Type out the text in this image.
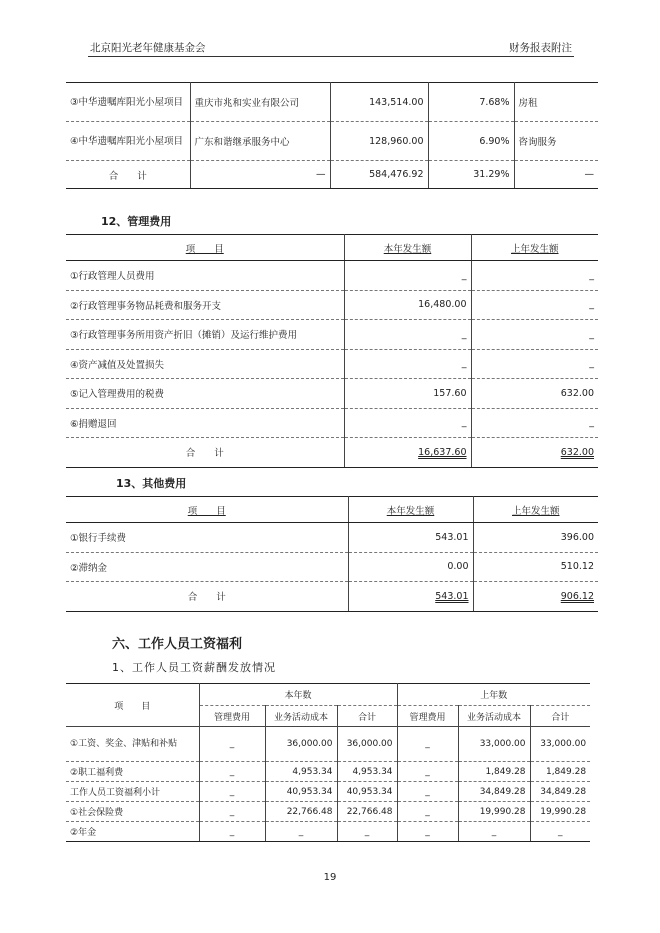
北京阳光老年健康基金会	财务报表附注
③中华遗嘱库阳光小屋项目	重庆市兆和实业有限公司	143,514.00	7.68%	房租
④中华遗嘱库阳光小屋项目	广东和谐继承服务中心	128,960.00	6.90%	咨询服务
合　　计	—	584,476.92	31.29%	—
12、管理费用
项　　目	本年发生额	上年发生额
①行政管理人员费用	_	_
②行政管理事务物品耗费和服务开支	16,480.00	_
③行政管理事务所用资产折旧（摊销）及运行维护费用	_	_
④资产减值及处置损失	_	_
⑤记入管理费用的税费	157.60	632.00
⑥捐赠退回	_	_
合　　计	16,637.60	632.00
13、其他费用
项　　目	本年发生额	上年发生额
①银行手续费	543.01	396.00
②滞纳金	0.00	510.12
合　　计	543.01	906.12
六、工作人员工资福利
1、工作人员工资薪酬发放情况
项　　目	本年数			上年数		
	管理费用	业务活动成本	合计	管理费用	业务活动成本	合计
①工资、奖金、津贴和补贴	_	36,000.00	36,000.00	_	33,000.00	33,000.00
②职工福利费	_	4,953.34	4,953.34	_	1,849.28	1,849.28
工作人员工资福利小计	_	40,953.34	40,953.34	_	34,849.28	34,849.28
①社会保险费	_	22,766.48	22,766.48	_	19,990.28	19,990.28
②年金	_	_	_	_	_	_
19
